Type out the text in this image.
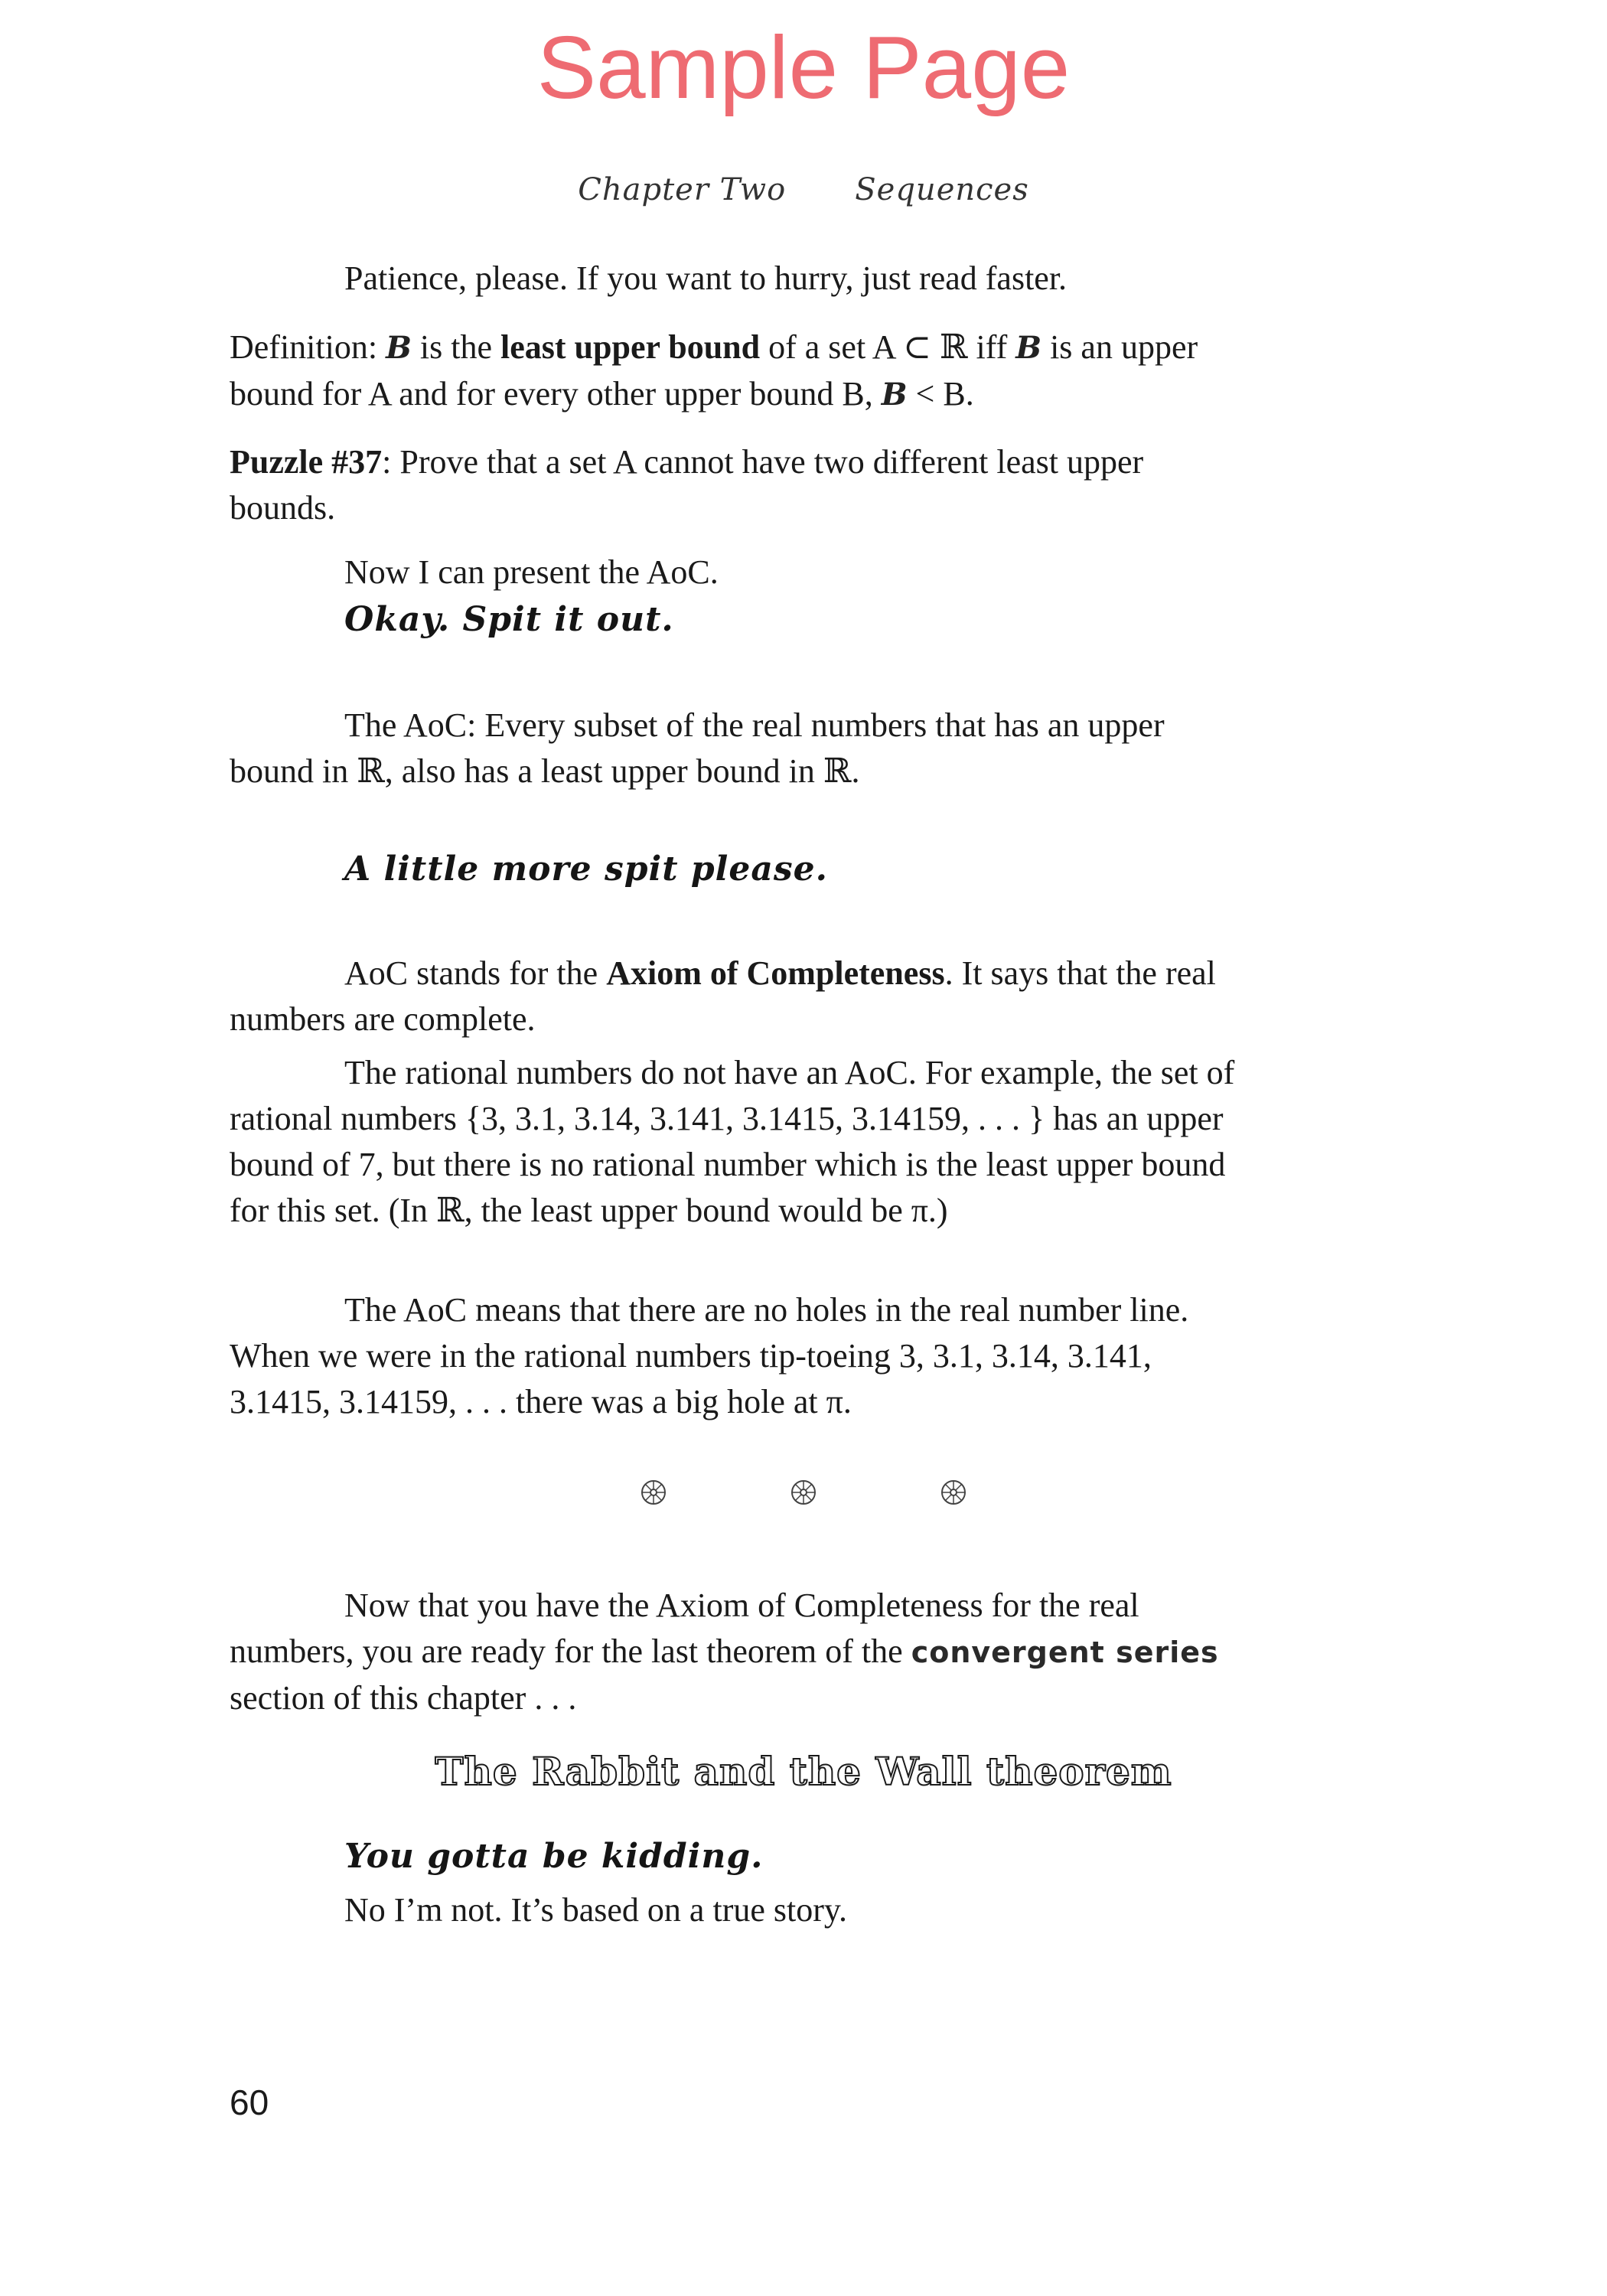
Sample Page
Chapter Two Sequences
Patience, please. If you want to hurry, just read faster.
Definition: B is the least upper bound of a set A ⊂ ℝ iff B is an upper
bound for A and for every other upper bound B, B < B.
Puzzle #37: Prove that a set A cannot have two different least upper
bounds.
Now I can present the AoC.
Okay. Spit it out.
The AoC: Every subset of the real numbers that has an upper
bound in ℝ, also has a least upper bound in ℝ.
A little more spit please.
AoC stands for the Axiom of Completeness. It says that the real
numbers are complete.
The rational numbers do not have an AoC. For example, the set of
rational numbers {3, 3.1, 3.14, 3.141, 3.1415, 3.14159, . . . } has an upper
bound of 7, but there is no rational number which is the least upper bound
for this set. (In ℝ, the least upper bound would be π.)
The AoC means that there are no holes in the real number line.
When we were in the rational numbers tip-toeing 3, 3.1, 3.14, 3.141,
3.1415, 3.14159, . . . there was a big hole at π.
Now that you have the Axiom of Completeness for the real
numbers, you are ready for the last theorem of the convergent series
section of this chapter . . .
The Rabbit and the Wall theorem
You gotta be kidding.
No I’m not. It’s based on a true story.
60
